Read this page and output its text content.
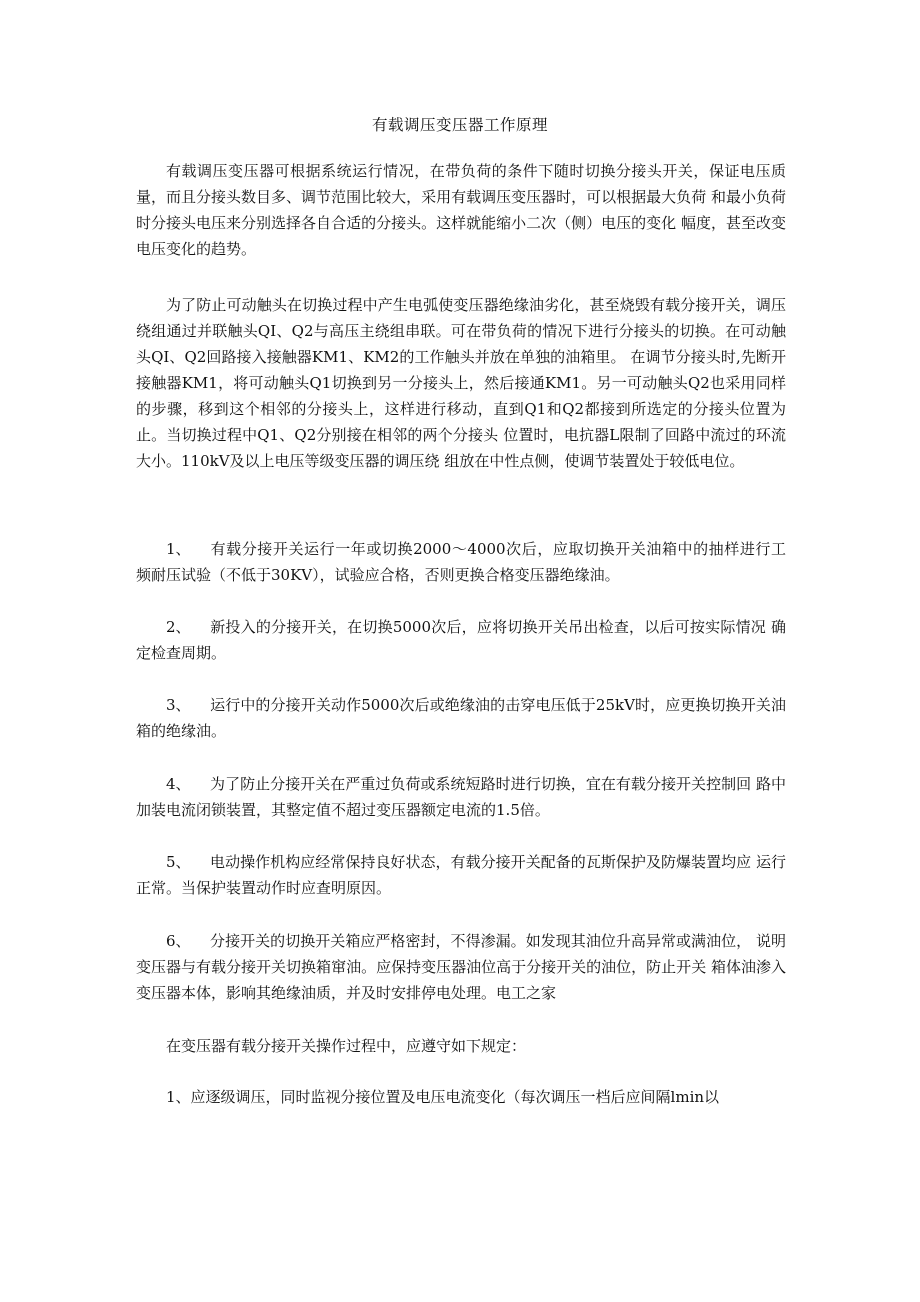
有载调压变压器工作原理

有载调压变压器可根据系统运行情况，在带负荷的条件下随时切换分接头开关，保证电压质量，而且分接头数目多、调节范围比较大，采用有载调压变压器时，可以根据最大负荷 和最小负荷时分接头电压来分别选择各自合适的分接头。这样就能缩小二次（侧）电压的变化 幅度，甚至改变电压变化的趋势。

为了防止可动触头在切换过程中产生电弧使变压器绝缘油劣化，甚至烧毁有载分接开关，调压绕组通过并联触头QI、Q2与高压主绕组串联。可在带负荷的情况下进行分接头的切换。在可动触头QI、Q2回路接入接触器KM1、KM2的工作触头并放在单独的油箱里。 在调节分接头时,先断开接触器KM1，将可动触头Q1切换到另一分接头上，然后接通KM1。另一可动触头Q2也采用同样的步骤，移到这个相邻的分接头上，这样进行移动，直到Q1和Q2都接到所选定的分接头位置为止。当切换过程中Q1、Q2分别接在相邻的两个分接头 位置时，电抗器L限制了回路中流过的环流大小。110kV及以上电压等级变压器的调压绕 组放在中性点侧，使调节装置处于较低电位。

1、 有载分接开关运行一年或切换2000～4000次后，应取切换开关油箱中的抽样进行工 频耐压试验（不低于30KV），试验应合格，否则更换合格变压器绝缘油。

2、 新投入的分接开关，在切换5000次后，应将切换开关吊出检查，以后可按实际情况 确定检查周期。

3、 运行中的分接开关动作5000次后或绝缘油的击穿电压低于25kV时，应更换切换开关油箱的绝缘油。

4、 为了防止分接开关在严重过负荷或系统短路时进行切换，宜在有载分接开关控制回 路中加装电流闭锁装置，其整定值不超过变压器额定电流的1.5倍。

5、 电动操作机构应经常保持良好状态，有载分接开关配备的瓦斯保护及防爆装置均应 运行正常。当保护装置动作时应查明原因。

6、 分接开关的切换开关箱应严格密封，不得渗漏。如发现其油位升高异常或满油位， 说明变压器与有载分接开关切换箱窜油。应保持变压器油位高于分接开关的油位，防止开关 箱体油渗入变压器本体，影响其绝缘油质，并及时安排停电处理。电工之家

在变压器有载分接开关操作过程中，应遵守如下规定：

1、应逐级调压，同时监视分接位置及电压电流变化（每次调压一档后应间隔lmin以
